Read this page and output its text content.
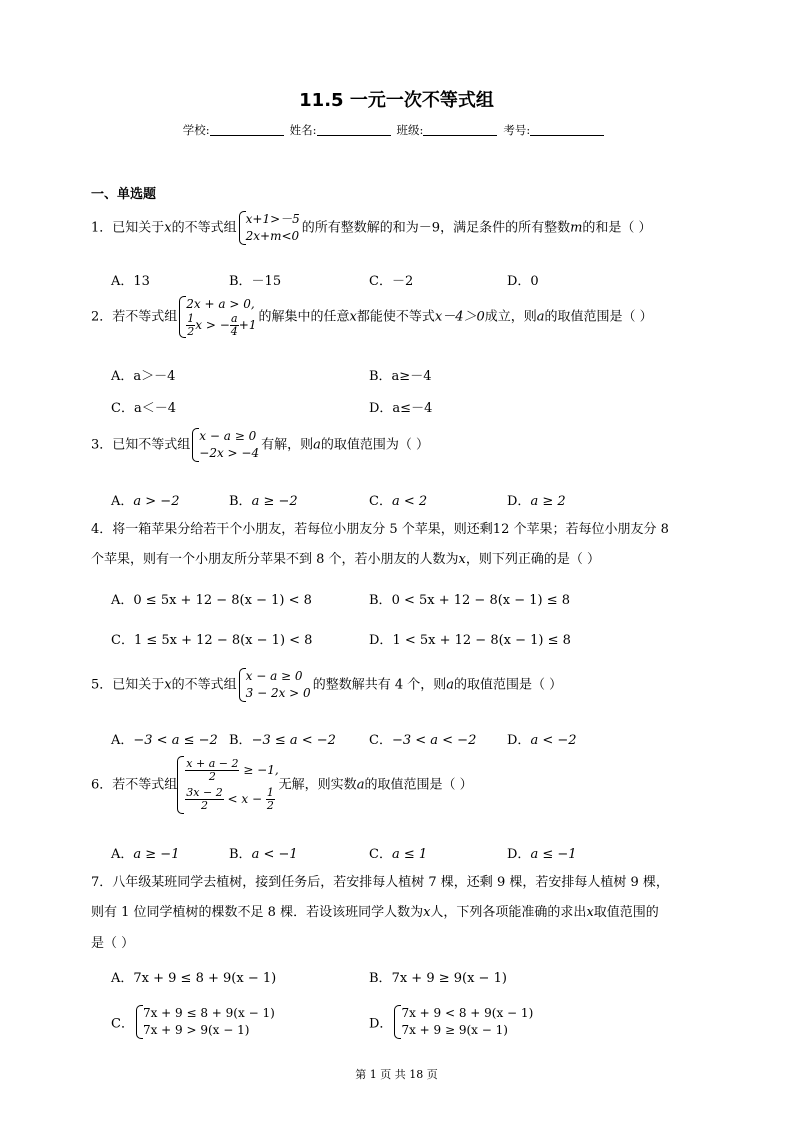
11.5 一元一次不等式组
学校:	姓名:	班级:	考号:
一、单选题
1．已知关于x的不等式组
x+1>－5
2x+m<0
的所有整数解的和为－9，满足条件的所有整数m的和是（ ）
A．13	B．－15	C．－2	D．0
2．若不等式组
2x + a > 0,
$\frac{1}{2}$ x > − $\frac{a}{4} +1$
的解集中的任意x都能使不等式x－4＞0成立，则a的取值范围是（ ）
A．a＞－4	B．a≥－4
C．a＜－4	D．a≤－4
3．已知不等式组
x − a ≥ 0
−2x > −4
有解，则a的取值范围为（ ）
A．a > −2	B．a ≥ −2	C．a < 2	D．a ≥ 2
4．将一箱苹果分给若干个小朋友，若每位小朋友分 5 个苹果，则还剩12 个苹果；若每位小朋友分 8
个苹果，则有一个小朋友所分苹果不到 8 个，若小朋友的人数为x，则下列正确的是（ ）
A．0 ≤ 5x + 12 − 8(x − 1) < 8	B．0 < 5x + 12 − 8(x − 1) ≤ 8
C．1 ≤ 5x + 12 − 8(x − 1) < 8	D．1 < 5x + 12 − 8(x − 1) ≤ 8
5．已知关于x的不等式组
x − a ≥ 0
3 − 2x > 0
的整数解共有 4 个，则a的取值范围是（ ）
A．−3 < a ≤ −2 B．−3 ≤ a < −2	C．−3 < a < −2 D．a < −2
6．若不等式组
$\frac{x + a - 2}{2} \ge -1$,
$\frac{3x - 2}{2} < x - \frac{1}{2}$
无解，则实数a的取值范围是（ ）
A．a ≥ −1	B．a < −1	C．a ≤ 1	D．a ≤ −1
7．八年级某班同学去植树，接到任务后，若安排每人植树 7 棵，还剩 9 棵，若安排每人植树 9 棵，
则有 1 位同学植树的棵数不足 8 棵．若设该班同学人数为x人，下列各项能准确的求出x取值范围的
是（ ）
A．7x + 9 ≤ 8 + 9(x − 1)	B．7x + 9 ≥ 9(x − 1)
C．
7x + 9 ≤ 8 + 9(x − 1)
7x + 9 > 9(x − 1)	D．
7x + 9 < 8 + 9(x − 1)
7x + 9 ≥ 9(x − 1)
第 1 页 共 18 页
